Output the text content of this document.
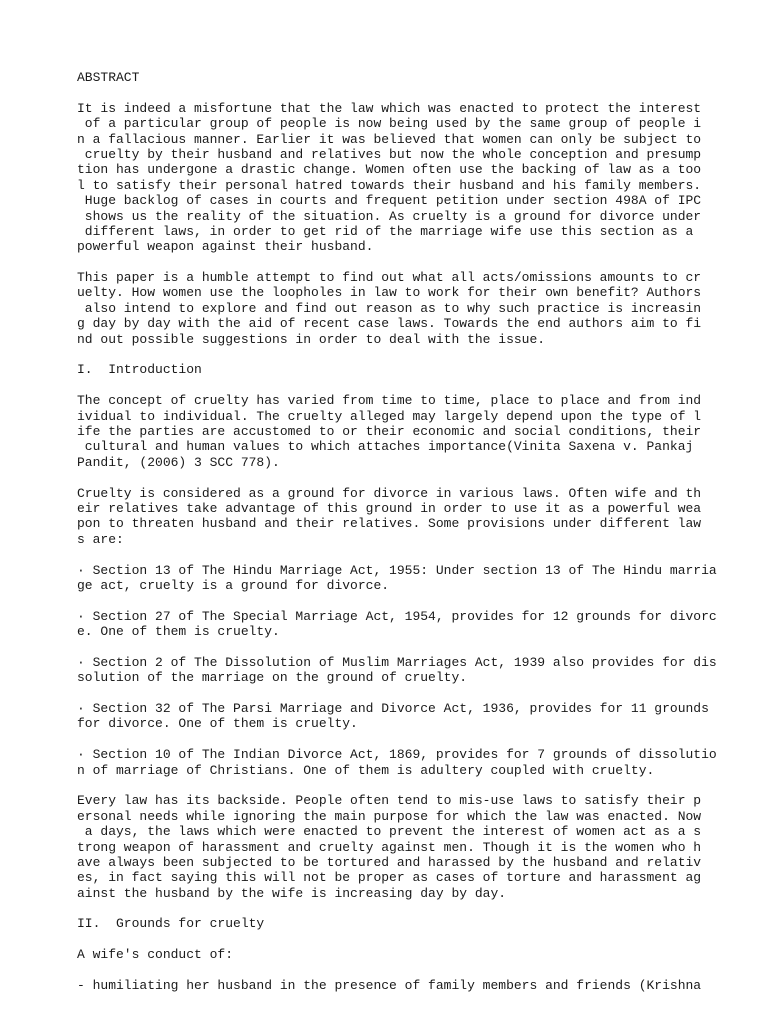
ABSTRACT

It is indeed a misfortune that the law which was enacted to protect the interest
of a particular group of people is now being used by the same group of people i
n a fallacious manner. Earlier it was believed that women can only be subject to
cruelty by their husband and relatives but now the whole conception and presump
tion has undergone a drastic change. Women often use the backing of law as a too
l to satisfy their personal hatred towards their husband and his family members.
Huge backlog of cases in courts and frequent petition under section 498A of IPC
shows us the reality of the situation. As cruelty is a ground for divorce under
different laws, in order to get rid of the marriage wife use this section as a
powerful weapon against their husband.

This paper is a humble attempt to find out what all acts/omissions amounts to cr
uelty. How women use the loopholes in law to work for their own benefit? Authors
also intend to explore and find out reason as to why such practice is increasin
g day by day with the aid of recent case laws. Towards the end authors aim to fi
nd out possible suggestions in order to deal with the issue.

I.  Introduction

The concept of cruelty has varied from time to time, place to place and from ind
ividual to individual. The cruelty alleged may largely depend upon the type of l
ife the parties are accustomed to or their economic and social conditions, their
cultural and human values to which attaches importance(Vinita Saxena v. Pankaj
Pandit, (2006) 3 SCC 778).

Cruelty is considered as a ground for divorce in various laws. Often wife and th
eir relatives take advantage of this ground in order to use it as a powerful wea
pon to threaten husband and their relatives. Some provisions under different law
s are:

· Section 13 of The Hindu Marriage Act, 1955: Under section 13 of The Hindu marria
ge act, cruelty is a ground for divorce.

· Section 27 of The Special Marriage Act, 1954, provides for 12 grounds for divorc
e. One of them is cruelty.

· Section 2 of The Dissolution of Muslim Marriages Act, 1939 also provides for dis
solution of the marriage on the ground of cruelty.

· Section 32 of The Parsi Marriage and Divorce Act, 1936, provides for 11 grounds
for divorce. One of them is cruelty.

· Section 10 of The Indian Divorce Act, 1869, provides for 7 grounds of dissolutio
n of marriage of Christians. One of them is adultery coupled with cruelty.

Every law has its backside. People often tend to mis-use laws to satisfy their p
ersonal needs while ignoring the main purpose for which the law was enacted. Now
a days, the laws which were enacted to prevent the interest of women act as a s
trong weapon of harassment and cruelty against men. Though it is the women who h
ave always been subjected to be tortured and harassed by the husband and relativ
es, in fact saying this will not be proper as cases of torture and harassment ag
ainst the husband by the wife is increasing day by day.

II.  Grounds for cruelty

A wife's conduct of:

- humiliating her husband in the presence of family members and friends (Krishna
